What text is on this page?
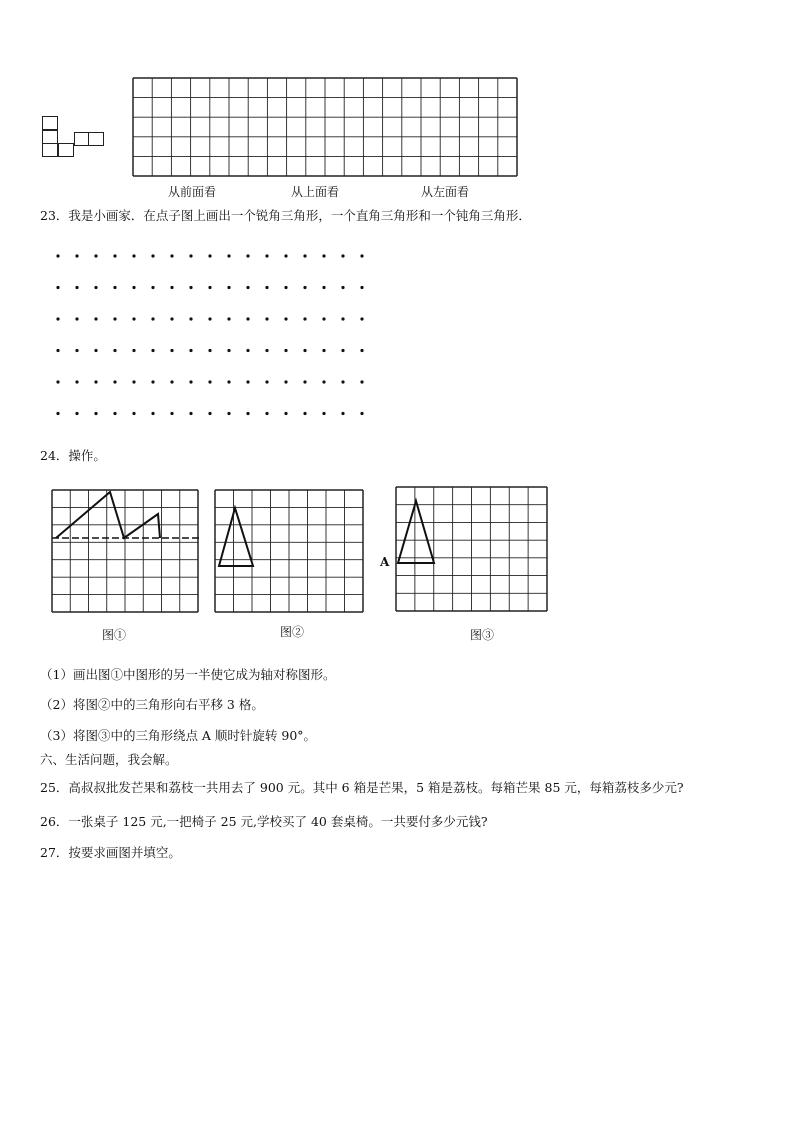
从前面看	从上面看	从左面看
23．我是小画家．在点子图上画出一个锐角三角形，一个直角三角形和一个钝角三角形．
24．操作。
图①	图②
A
图③
（1）画出图①中图形的另一半使它成为轴对称图形。
（2）将图②中的三角形向右平移 3 格。
（3）将图③中的三角形绕点 A 顺时针旋转 90°。
六、生活问题，我会解。
25．高叔叔批发芒果和荔枝一共用去了 900 元。其中 6 箱是芒果，5 箱是荔枝。每箱芒果 85 元，每箱荔枝多少元?
26．一张桌子 125 元,一把椅子 25 元,学校买了 40 套桌椅。一共要付多少元钱?
27．按要求画图并填空。
